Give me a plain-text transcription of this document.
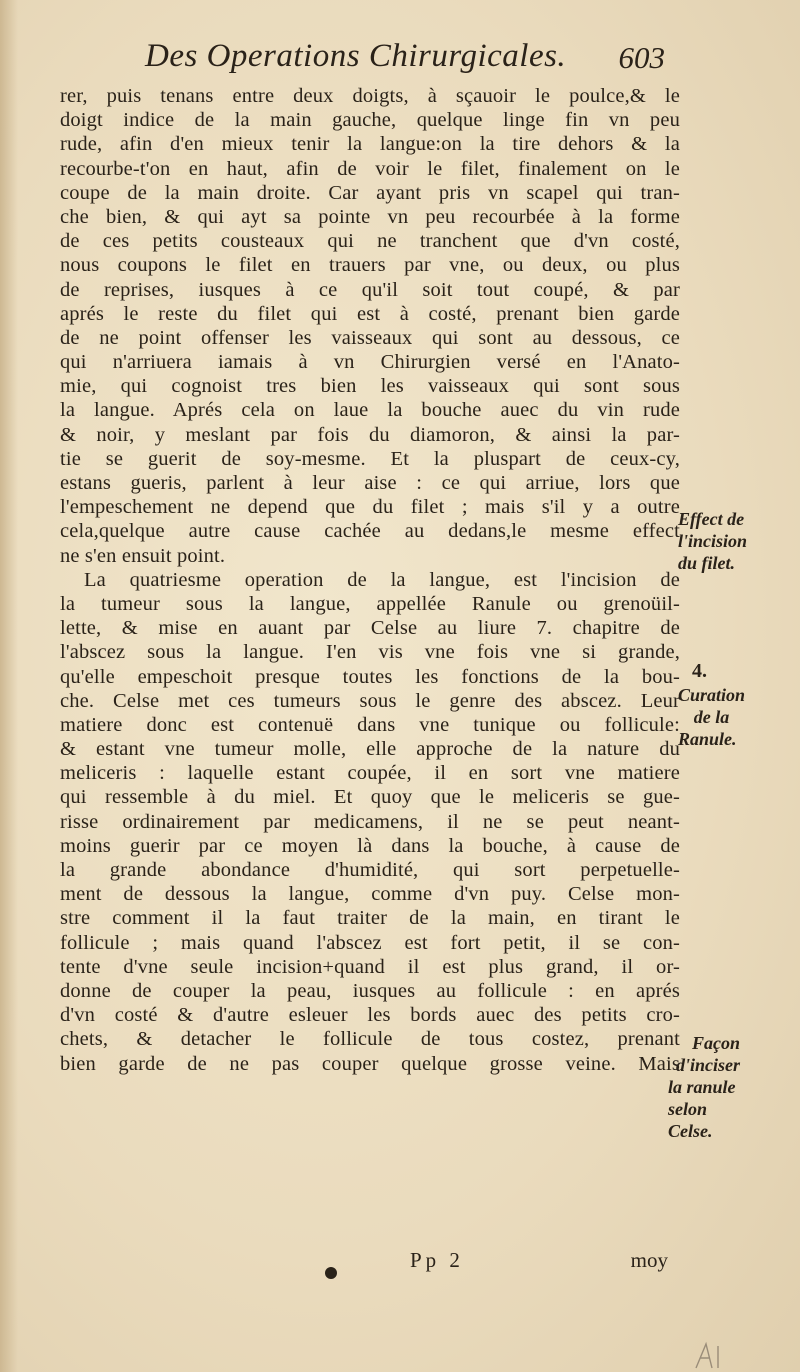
Des Operations Chirurgicales. 603
rer, puis tenans entre deux doigts, à sçauoir le poulce,& le
doigt indice de la main gauche, quelque linge fin vn peu
rude, afin d'en mieux tenir la langue:on la tire dehors & la
recourbe-t'on en haut, afin de voir le filet, finalement on le
coupe de la main droite. Car ayant pris vn scapel qui tran-
che bien, & qui ayt sa pointe vn peu recourbée à la forme
de ces petits cousteaux qui ne tranchent que d'vn costé,
nous coupons le filet en trauers par vne, ou deux, ou plus
de reprises, iusques à ce qu'il soit tout coupé, & par
aprés le reste du filet qui est à costé, prenant bien garde
de ne point offenser les vaisseaux qui sont au dessous, ce
qui n'arriuera iamais à vn Chirurgien versé en l'Anato-
mie, qui cognoist tres bien les vaisseaux qui sont sous
la langue. Aprés cela on laue la bouche auec du vin rude
& noir, y meslant par fois du diamoron, & ainsi la par-
tie se guerit de soy-mesme. Et la pluspart de ceux-cy,
estans gueris, parlent à leur aise : ce qui arriue, lors que
l'empeschement ne depend que du filet ; mais s'il y a outre
cela,quelque autre cause cachée au dedans,le mesme effect
ne s'en ensuit point.
La quatriesme operation de la langue, est l'incision de
la tumeur sous la langue, appellée Ranule ou grenoüil-
lette, & mise en auant par Celse au liure 7. chapitre de
l'abscez sous la langue. I'en vis vne fois vne si grande,
qu'elle empeschoit presque toutes les fonctions de la bou-
che. Celse met ces tumeurs sous le genre des abscez. Leur
matiere donc est contenuë dans vne tunique ou follicule:
& estant vne tumeur molle, elle approche de la nature du
meliceris : laquelle estant coupée, il en sort vne matiere
qui ressemble à du miel. Et quoy que le meliceris se gue-
risse ordinairement par medicamens, il ne se peut neant-
moins guerir par ce moyen là dans la bouche, à cause de
la grande abondance d'humidité, qui sort perpetuelle-
ment de dessous la langue, comme d'vn puy. Celse mon-
stre comment il la faut traiter de la main, en tirant le
follicule ; mais quand l'abscez est fort petit, il se con-
tente d'vne seule incision+quand il est plus grand, il or-
donne de couper la peau, iusques au follicule : en aprés
d'vn costé & d'autre esleuer les bords auec des petits cro-
chets, & detacher le follicule de tous costez, prenant
bien garde de ne pas couper quelque grosse veine. Mais
Effect de
l'incision
du filet.
4.
Curation
de la
Ranule.
Façon
d'inciser
la ranule
selon
Celse.
Pp 2	moy
